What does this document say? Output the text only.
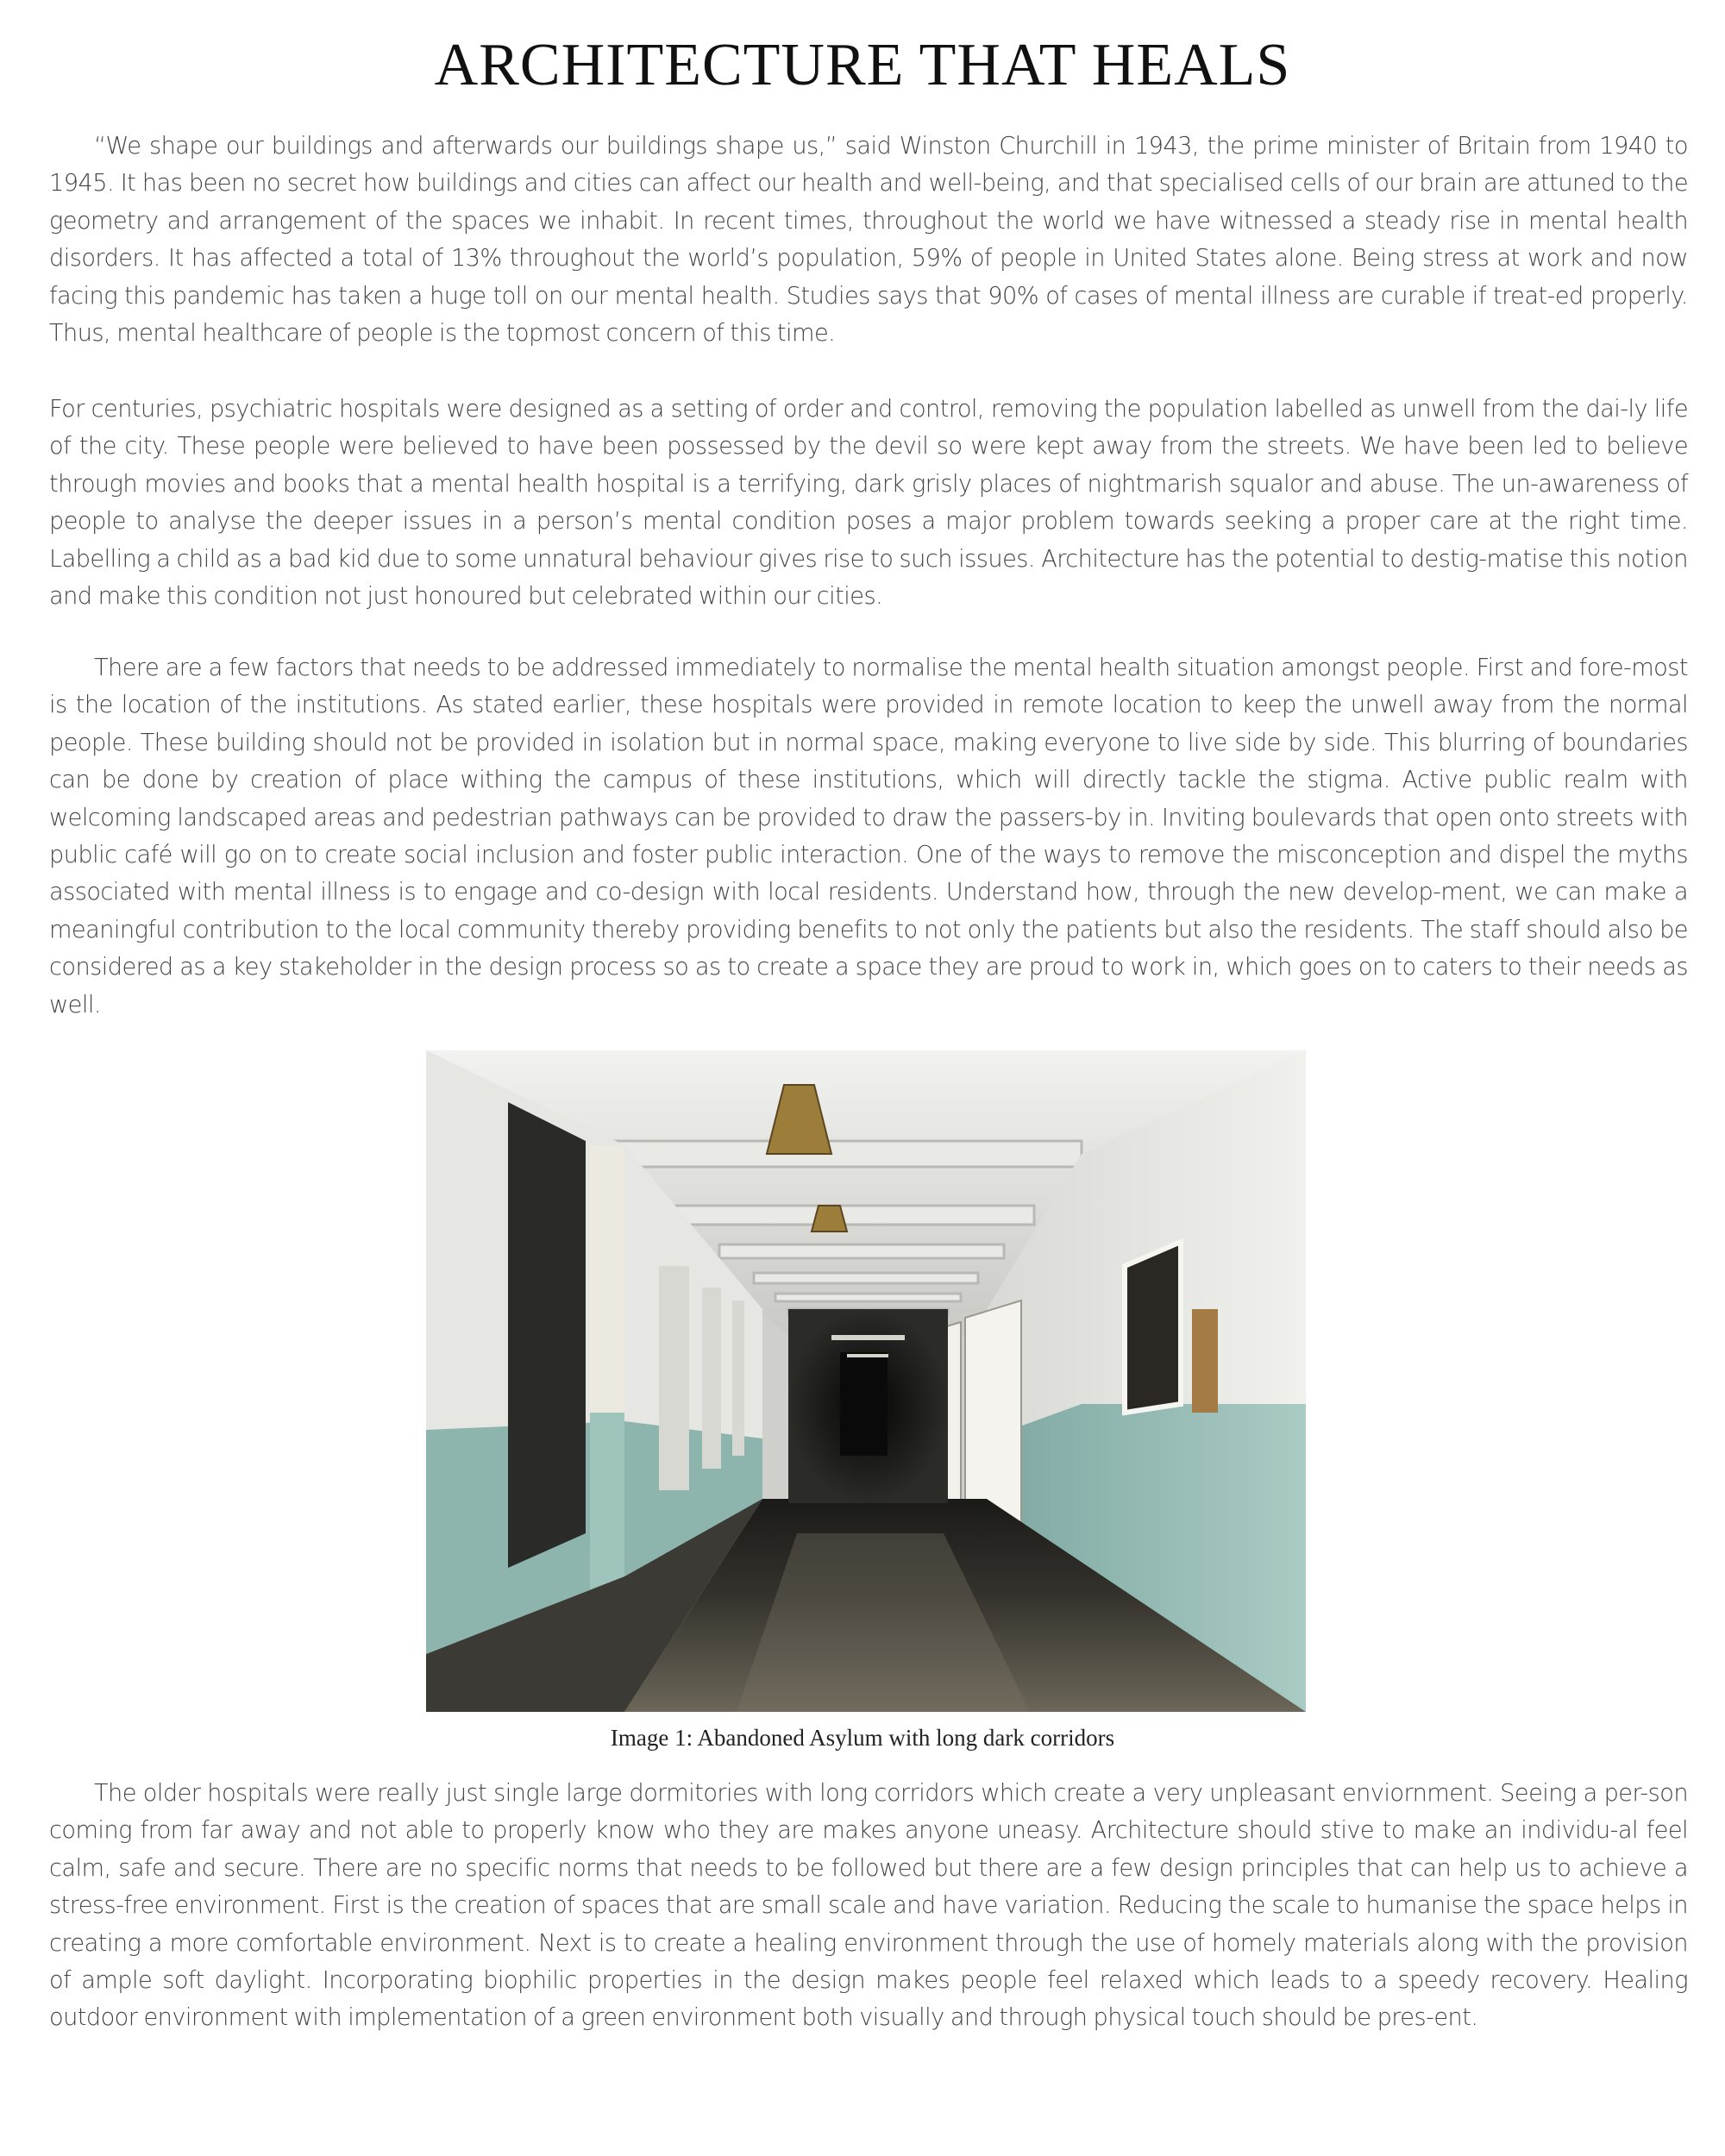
ARCHITECTURE THAT HEALS

“We shape our buildings and afterwards our buildings shape us,” said Winston Churchill in 1943, the prime minister of Britain from 1940 to 1945. It has been no secret how buildings and cities can affect our health and well-being, and that specialised cells of our brain are attuned to the geometry and arrangement of the spaces we inhabit. In recent times, throughout the world we have witnessed a steady rise in mental health disorders. It has affected a total of 13% throughout the world’s population, 59% of people in United States alone. Being stress at work and now facing this pandemic has taken a huge toll on our mental health. Studies says that 90% of cases of mental illness are curable if treat-ed properly. Thus, mental healthcare of people is the topmost concern of this time.

For centuries, psychiatric hospitals were designed as a setting of order and control, removing the population labelled as unwell from the dai-ly life of the city. These people were believed to have been possessed by the devil so were kept away from the streets. We have been led to believe through movies and books that a mental health hospital is a terrifying, dark grisly places of nightmarish squalor and abuse. The un-awareness of people to analyse the deeper issues in a person’s mental condition poses a major problem towards seeking a proper care at the right time. Labelling a child as a bad kid due to some unnatural behaviour gives rise to such issues. Architecture has the potential to destig-matise this notion and make this condition not just honoured but celebrated within our cities.

There are a few factors that needs to be addressed immediately to normalise the mental health situation amongst people. First and fore-most is the location of the institutions. As stated earlier, these hospitals were provided in remote location to keep the unwell away from the normal people. These building should not be provided in isolation but in normal space, making everyone to live side by side. This blurring of boundaries can be done by creation of place withing the campus of these institutions, which will directly tackle the stigma. Active public realm with welcoming landscaped areas and pedestrian pathways can be provided to draw the passers-by in. Inviting boulevards that open onto streets with public café will go on to create social inclusion and foster public interaction. One of the ways to remove the misconception and dispel the myths associated with mental illness is to engage and co-design with local residents. Understand how, through the new develop-ment, we can make a meaningful contribution to the local community thereby providing benefits to not only the patients but also the residents. The staff should also be considered as a key stakeholder in the design process so as to create a space they are proud to work in, which goes on to caters to their needs as well.

Image 1: Abandoned Asylum with long dark corridors

The older hospitals were really just single large dormitories with long corridors which create a very unpleasant enviornment. Seeing a per-son coming from far away and not able to properly know who they are makes anyone uneasy. Architecture should stive to make an individu-al feel calm, safe and secure. There are no specific norms that needs to be followed but there are a few design principles that can help us to achieve a stress-free environment. First is the creation of spaces that are small scale and have variation. Reducing the scale to humanise the space helps in creating a more comfortable environment. Next is to create a healing environment through the use of homely materials along with the provision of ample soft daylight. Incorporating biophilic properties in the design makes people feel relaxed which leads to a speedy recovery. Healing outdoor environment with implementation of a green environment both visually and through physical touch should be pres-ent.
